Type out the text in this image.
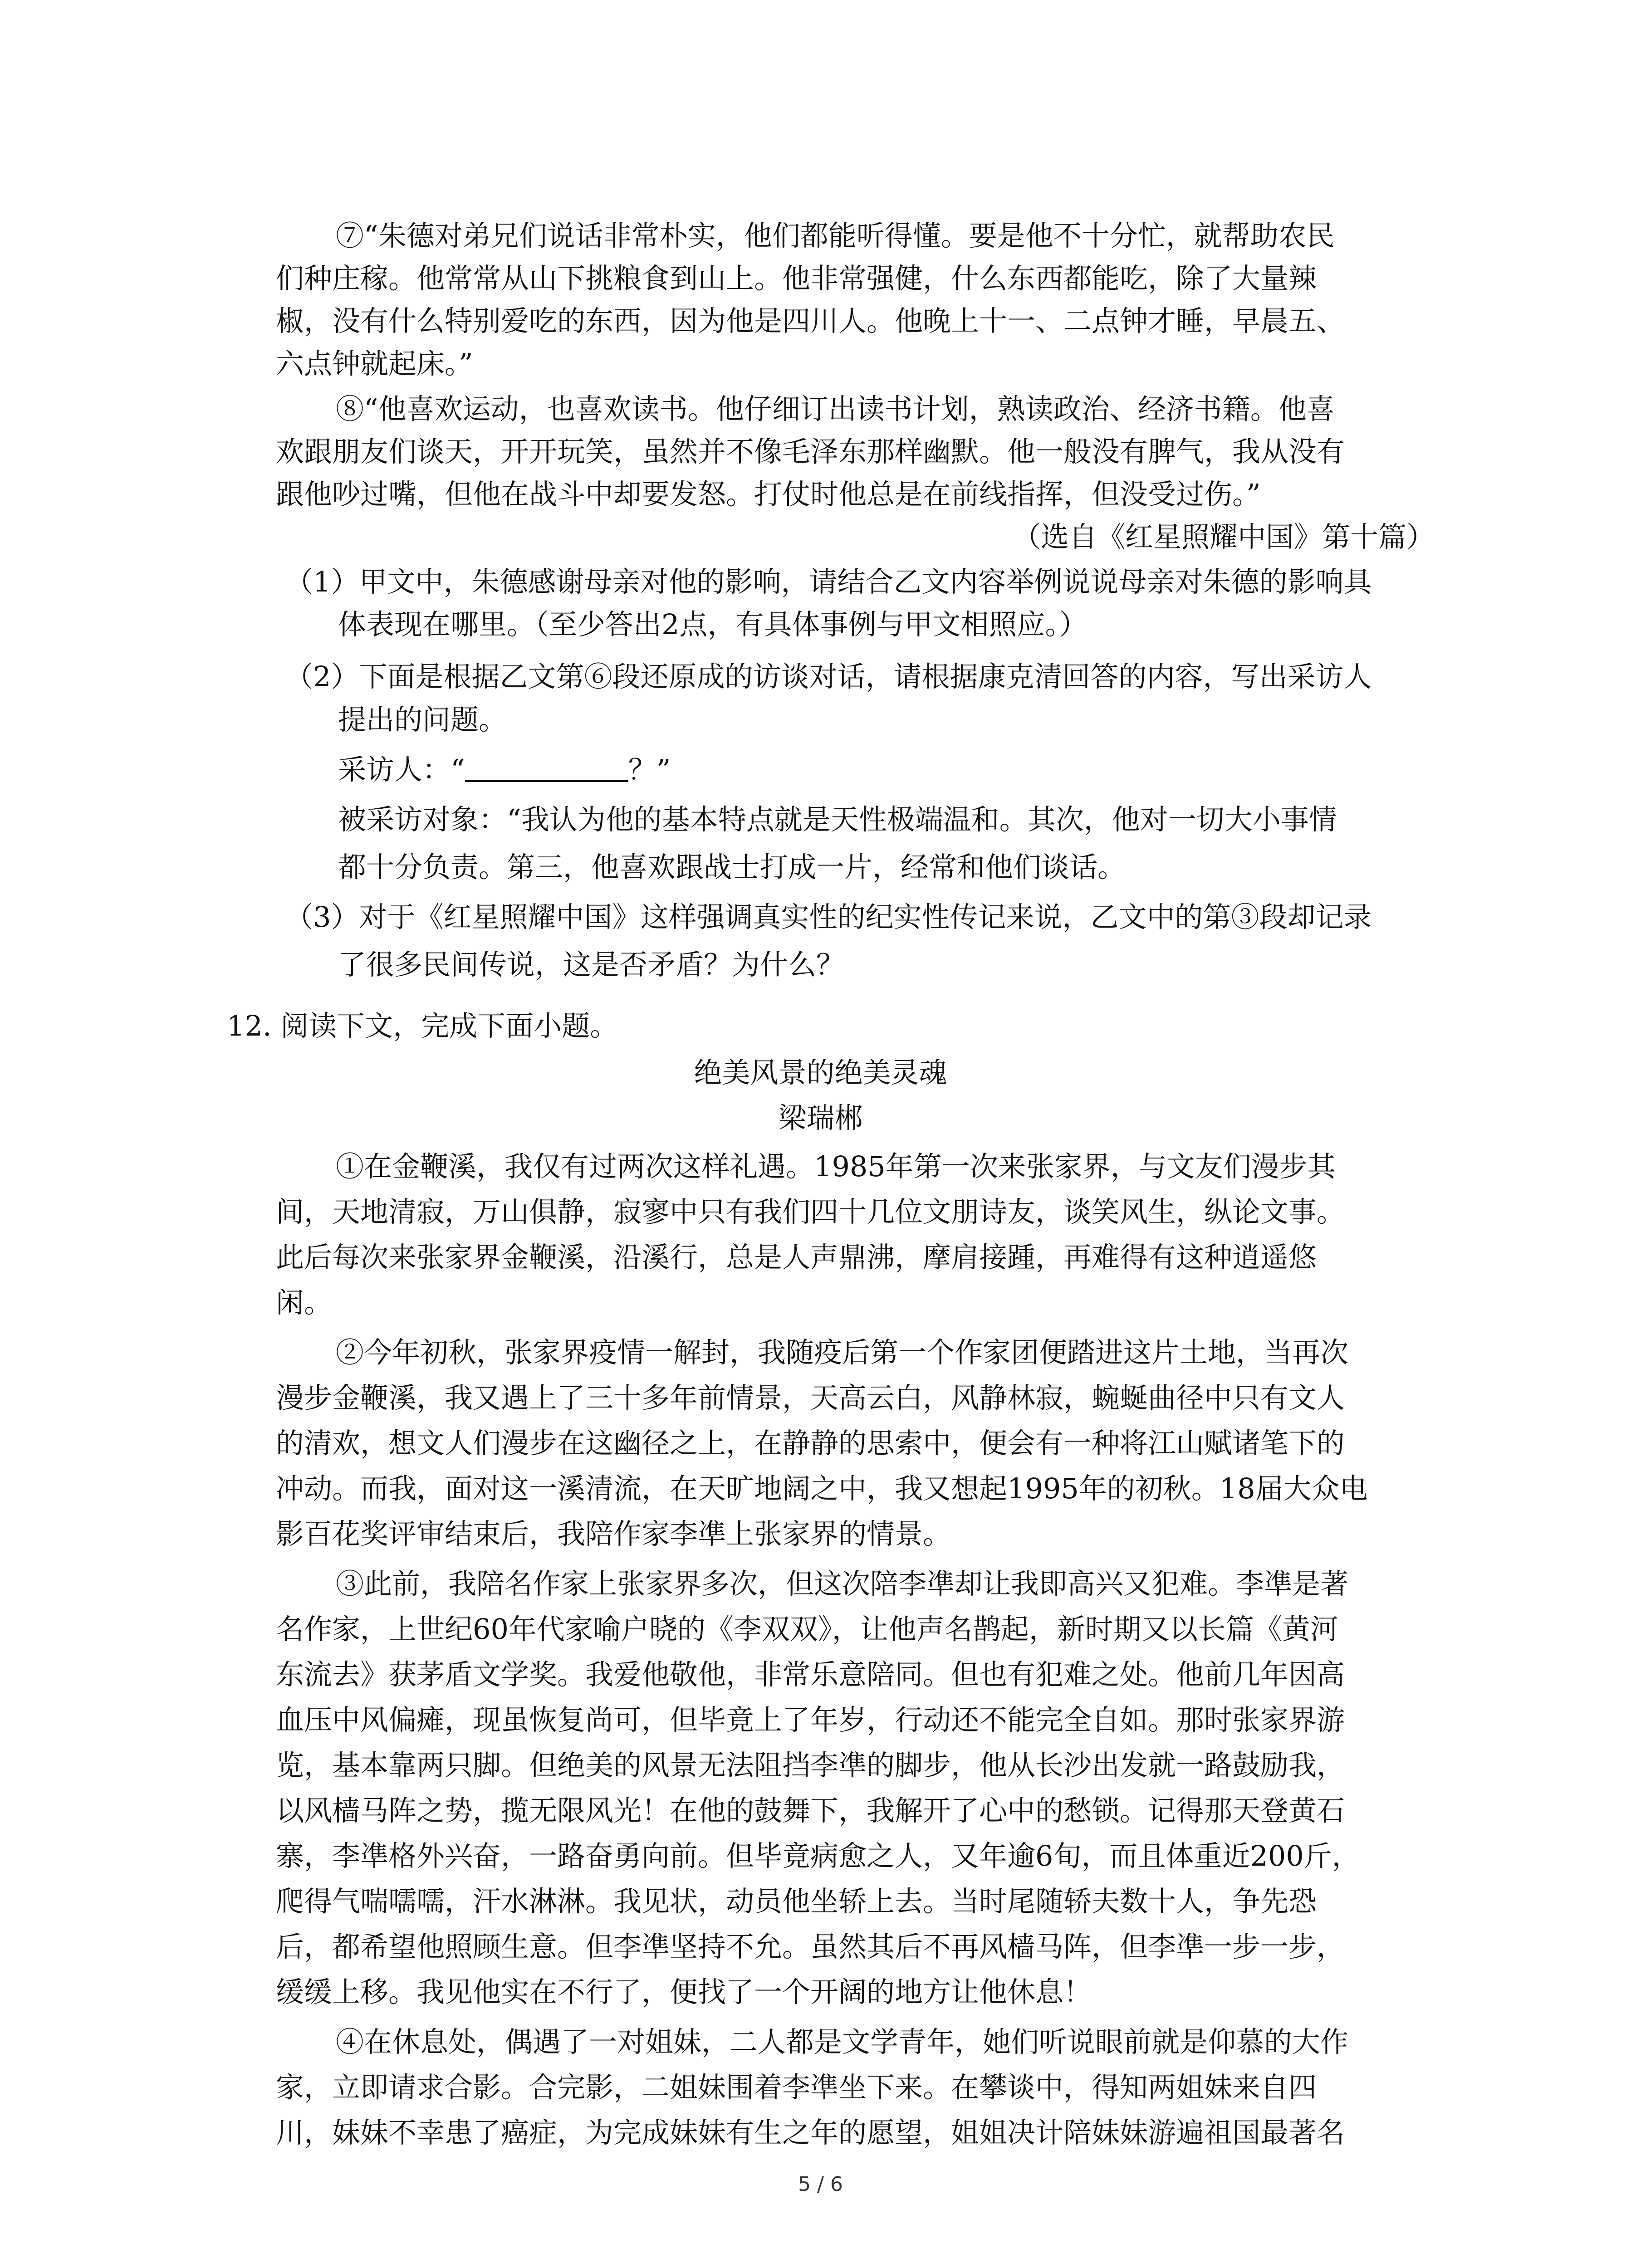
⑦“朱德对弟兄们说话非常朴实，他们都能听得懂。要是他不十分忙，就帮助农民
们种庄稼。他常常从山下挑粮食到山上。他非常强健，什么东西都能吃，除了大量辣
椒，没有什么特别爱吃的东西，因为他是四川人。他晚上十一、二点钟才睡，早晨五、
六点钟就起床。”
⑧“他喜欢运动，也喜欢读书。他仔细订出读书计划，熟读政治、经济书籍。他喜
欢跟朋友们谈天，开开玩笑，虽然并不像毛泽东那样幽默。他一般没有脾气，我从没有
跟他吵过嘴，但他在战斗中却要发怒。打仗时他总是在前线指挥，但没受过伤。”
（选自《红星照耀中国》第十篇）
（1）甲文中，朱德感谢母亲对他的影响，请结合乙文内容举例说说母亲对朱德的影响具
体表现在哪里。（至少答出2点，有具体事例与甲文相照应。）
（2）下面是根据乙文第⑥段还原成的访谈对话，请根据康克清回答的内容，写出采访人
提出的问题。
采访人：“	？”
被采访对象：“我认为他的基本特点就是天性极端温和。其次，他对一切大小事情
都十分负责。第三，他喜欢跟战士打成一片，经常和他们谈话。
（3）对于《红星照耀中国》这样强调真实性的纪实性传记来说，乙文中的第③段却记录
了很多民间传说，这是否矛盾？为什么？
12. 阅读下文，完成下面小题。
绝美风景的绝美灵魂
梁瑞郴
①在金鞭溪，我仅有过两次这样礼遇。1985年第一次来张家界，与文友们漫步其
间，天地清寂，万山俱静，寂寥中只有我们四十几位文朋诗友，谈笑风生，纵论文事。
此后每次来张家界金鞭溪，沿溪行，总是人声鼎沸，摩肩接踵，再难得有这种逍遥悠
闲。
②今年初秋，张家界疫情一解封，我随疫后第一个作家团便踏进这片土地，当再次
漫步金鞭溪，我又遇上了三十多年前情景，天高云白，风静林寂，蜿蜒曲径中只有文人
的清欢，想文人们漫步在这幽径之上，在静静的思索中，便会有一种将江山赋诸笔下的
冲动。而我，面对这一溪清流，在天旷地阔之中，我又想起1995年的初秋。18届大众电
影百花奖评审结束后，我陪作家李凖上张家界的情景。
③此前，我陪名作家上张家界多次，但这次陪李凖却让我即高兴又犯难。李凖是著
名作家，上世纪60年代家喻户晓的《李双双》，让他声名鹊起，新时期又以长篇《黄河
东流去》获茅盾文学奖。我爱他敬他，非常乐意陪同。但也有犯难之处。他前几年因高
血压中风偏瘫，现虽恢复尚可，但毕竟上了年岁，行动还不能完全自如。那时张家界游
览，基本靠两只脚。但绝美的风景无法阻挡李凖的脚步，他从长沙出发就一路鼓励我，
以风樯马阵之势，揽无限风光！在他的鼓舞下，我解开了心中的愁锁。记得那天登黄石
寨，李凖格外兴奋，一路奋勇向前。但毕竟病愈之人，又年逾6旬，而且体重近200斤，
爬得气喘嚅嚅，汗水淋淋。我见状，动员他坐轿上去。当时尾随轿夫数十人，争先恐
后，都希望他照顾生意。但李凖坚持不允。虽然其后不再风樯马阵，但李凖一步一步，
缓缓上移。我见他实在不行了，便找了一个开阔的地方让他休息！
④在休息处，偶遇了一对姐妹，二人都是文学青年，她们听说眼前就是仰慕的大作
家，立即请求合影。合完影，二姐妹围着李凖坐下来。在攀谈中，得知两姐妹来自四
川，妹妹不幸患了癌症，为完成妹妹有生之年的愿望，姐姐决计陪妹妹游遍祖国最著名
5 / 6
